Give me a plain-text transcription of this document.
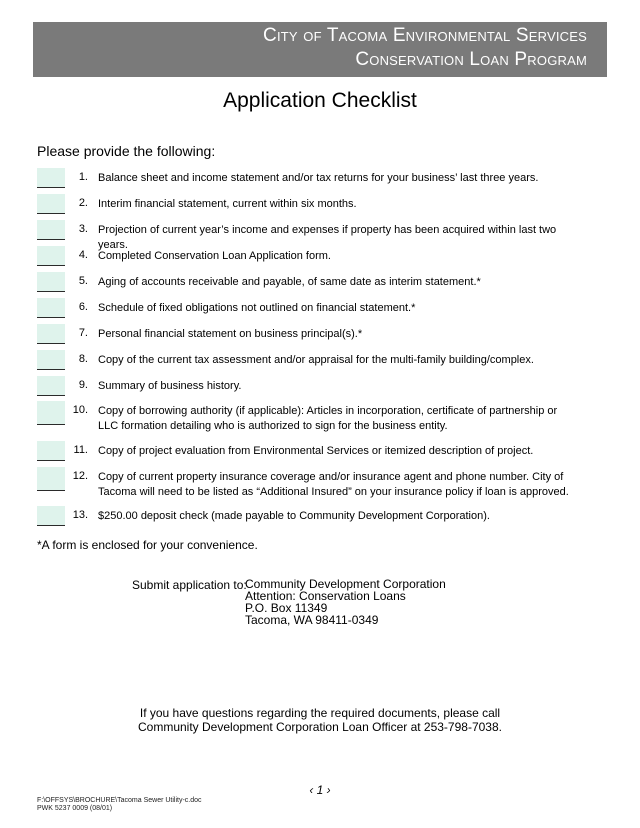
City of Tacoma Environmental Services
Conservation Loan Program
Application Checklist
Please provide the following:
1. Balance sheet and income statement and/or tax returns for your business’ last three years.
2. Interim financial statement, current within six months.
3. Projection of current year’s income and expenses if property has been acquired within last two years.
4. Completed Conservation Loan Application form.
5. Aging of accounts receivable and payable, of same date as interim statement.*
6. Schedule of fixed obligations not outlined on financial statement.*
7. Personal financial statement on business principal(s).*
8. Copy of the current tax assessment and/or appraisal for the multi-family building/complex.
9. Summary of business history.
10. Copy of borrowing authority (if applicable): Articles in incorporation, certificate of partnership or LLC formation detailing who is authorized to sign for the business entity.
11. Copy of project evaluation from Environmental Services or itemized description of project.
12. Copy of current property insurance coverage and/or insurance agent and phone number. City of Tacoma will need to be listed as “Additional Insured” on your insurance policy if loan is approved.
13. $250.00 deposit check (made payable to Community Development Corporation).
*A form is enclosed for your convenience.
Submit application to:
Community Development Corporation
Attention: Conservation Loans
P.O. Box 11349
Tacoma, WA 98411-0349
If you have questions regarding the required documents, please call
Community Development Corporation Loan Officer at 253-798-7038.
‹ 1 ›
F:\OFFSYS\BROCHURE\Tacoma Sewer Utility-c.doc
PWK 5237 0009 (08/01)
